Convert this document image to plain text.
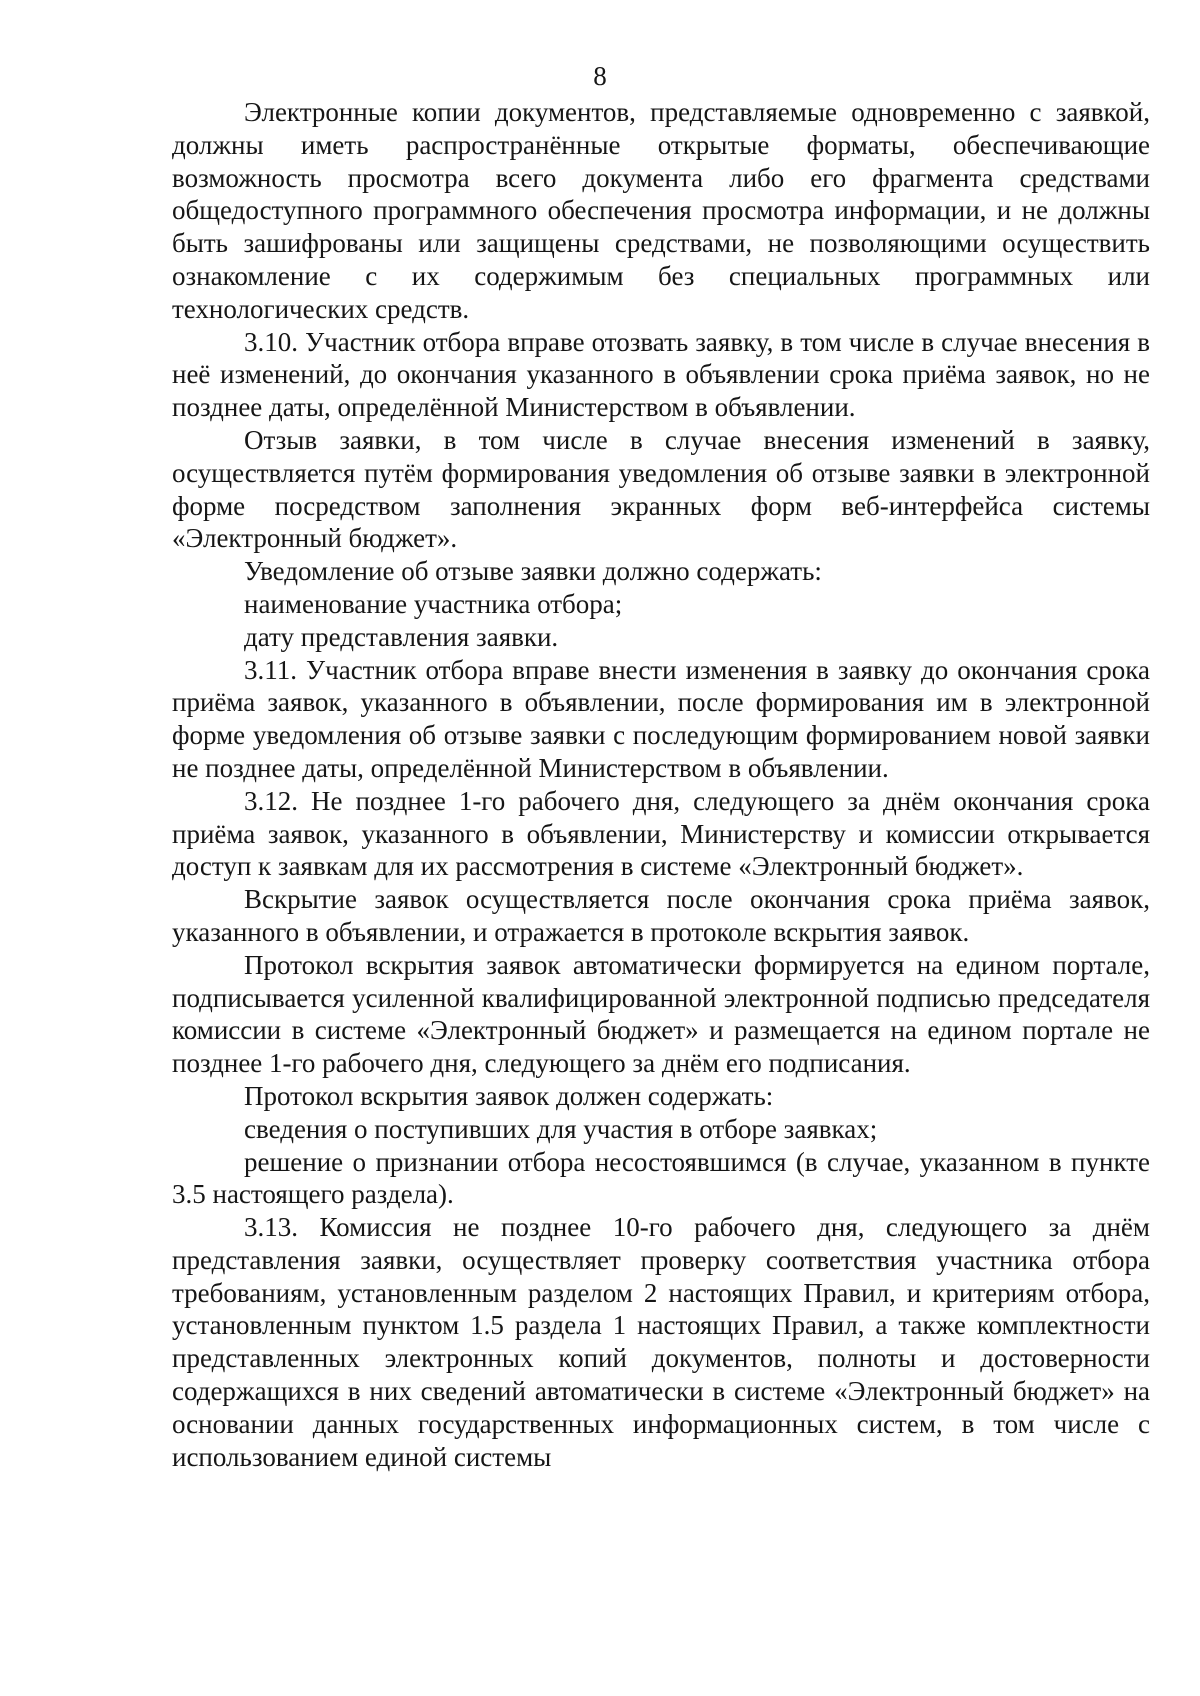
8

Электронные копии документов, представляемые одновременно с заявкой, должны иметь распространённые открытые форматы, обеспечивающие возможность просмотра всего документа либо его фрагмента средствами общедоступного программного обеспечения просмотра информации, и не должны быть зашифрованы или защищены средствами, не позволяющими осуществить ознакомление с их содержимым без специальных программных или технологических средств.

3.10. Участник отбора вправе отозвать заявку, в том числе в случае внесения в неё изменений, до окончания указанного в объявлении срока приёма заявок, но не позднее даты, определённой Министерством в объявлении.

Отзыв заявки, в том числе в случае внесения изменений в заявку, осуществляется путём формирования уведомления об отзыве заявки в электронной форме посредством заполнения экранных форм веб-интерфейса системы «Электронный бюджет».

Уведомление об отзыве заявки должно содержать:

наименование участника отбора;

дату представления заявки.

3.11. Участник отбора вправе внести изменения в заявку до окончания срока приёма заявок, указанного в объявлении, после формирования им в электронной форме уведомления об отзыве заявки с последующим формированием новой заявки не позднее даты, определённой Министерством в объявлении.

3.12. Не позднее 1-го рабочего дня, следующего за днём окончания срока приёма заявок, указанного в объявлении, Министерству и комиссии открывается доступ к заявкам для их рассмотрения в системе «Электронный бюджет».

Вскрытие заявок осуществляется после окончания срока приёма заявок, указанного в объявлении, и отражается в протоколе вскрытия заявок.

Протокол вскрытия заявок автоматически формируется на едином портале, подписывается усиленной квалифицированной электронной подписью председателя комиссии в системе «Электронный бюджет» и размещается на едином портале не позднее 1-го рабочего дня, следующего за днём его подписания.

Протокол вскрытия заявок должен содержать:

сведения о поступивших для участия в отборе заявках;

решение о признании отбора несостоявшимся (в случае, указанном в пункте 3.5 настоящего раздела).

3.13. Комиссия не позднее 10-го рабочего дня, следующего за днём представления заявки, осуществляет проверку соответствия участника отбора требованиям, установленным разделом 2 настоящих Правил, и критериям отбора, установленным пунктом 1.5 раздела 1 настоящих Правил, а также комплектности представленных электронных копий документов, полноты и достоверности содержащихся в них сведений автоматически в системе «Электронный бюджет» на основании данных государственных информационных систем, в том числе с использованием единой системы
